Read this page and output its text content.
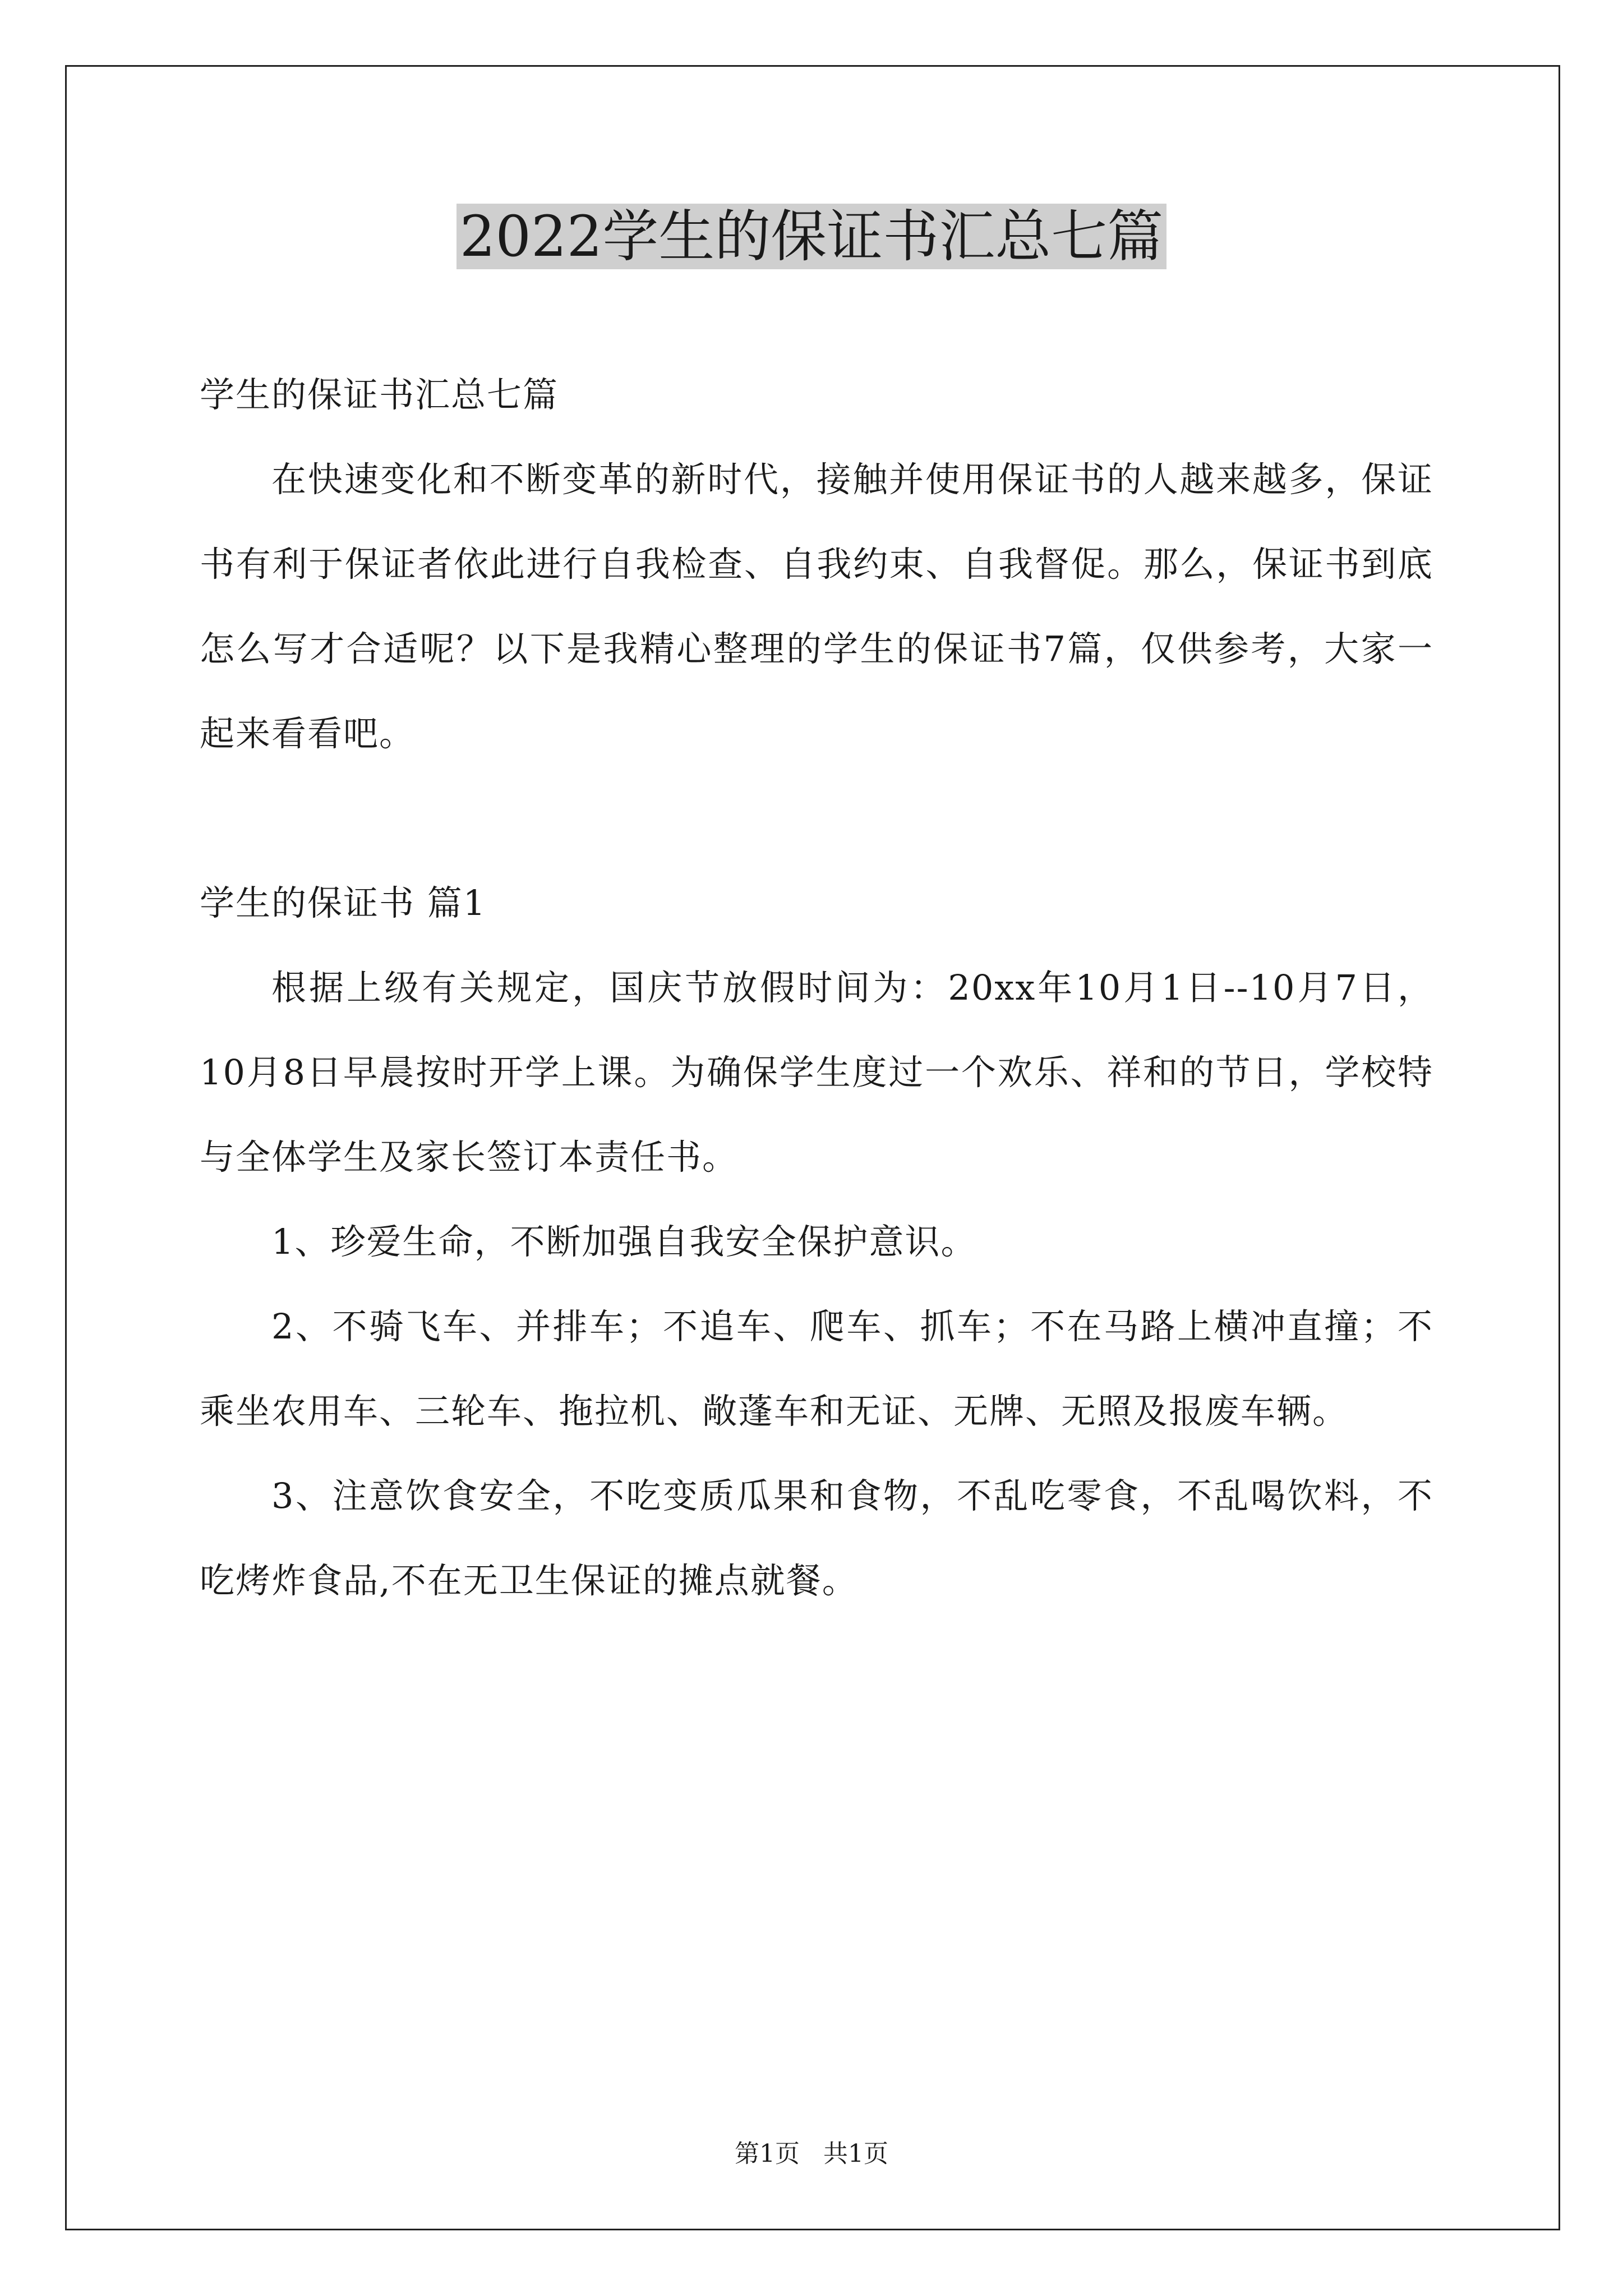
2022学生的保证书汇总七篇

学生的保证书汇总七篇

在快速变化和不断变革的新时代，接触并使用保证书的人越来越多，保证书有利于保证者依此进行自我检查、自我约束、自我督促。那么，保证书到底怎么写才合适呢？以下是我精心整理的学生的保证书7篇，仅供参考，大家一起来看看吧。

学生的保证书 篇1

根据上级有关规定，国庆节放假时间为：20xx年10月1日--10月7日， 10月8日早晨按时开学上课。为确保学生度过一个欢乐、祥和的节日，学校特与全体学生及家长签订本责任书。

1、珍爱生命，不断加强自我安全保护意识。

2、不骑飞车、并排车；不追车、爬车、抓车；不在马路上横冲直撞；不乘坐农用车、三轮车、拖拉机、敞蓬车和无证、无牌、无照及报废车辆。

3、注意饮食安全，不吃变质瓜果和食物，不乱吃零食，不乱喝饮料，不吃烤炸食品,不在无卫生保证的摊点就餐。

第1页 共1页
